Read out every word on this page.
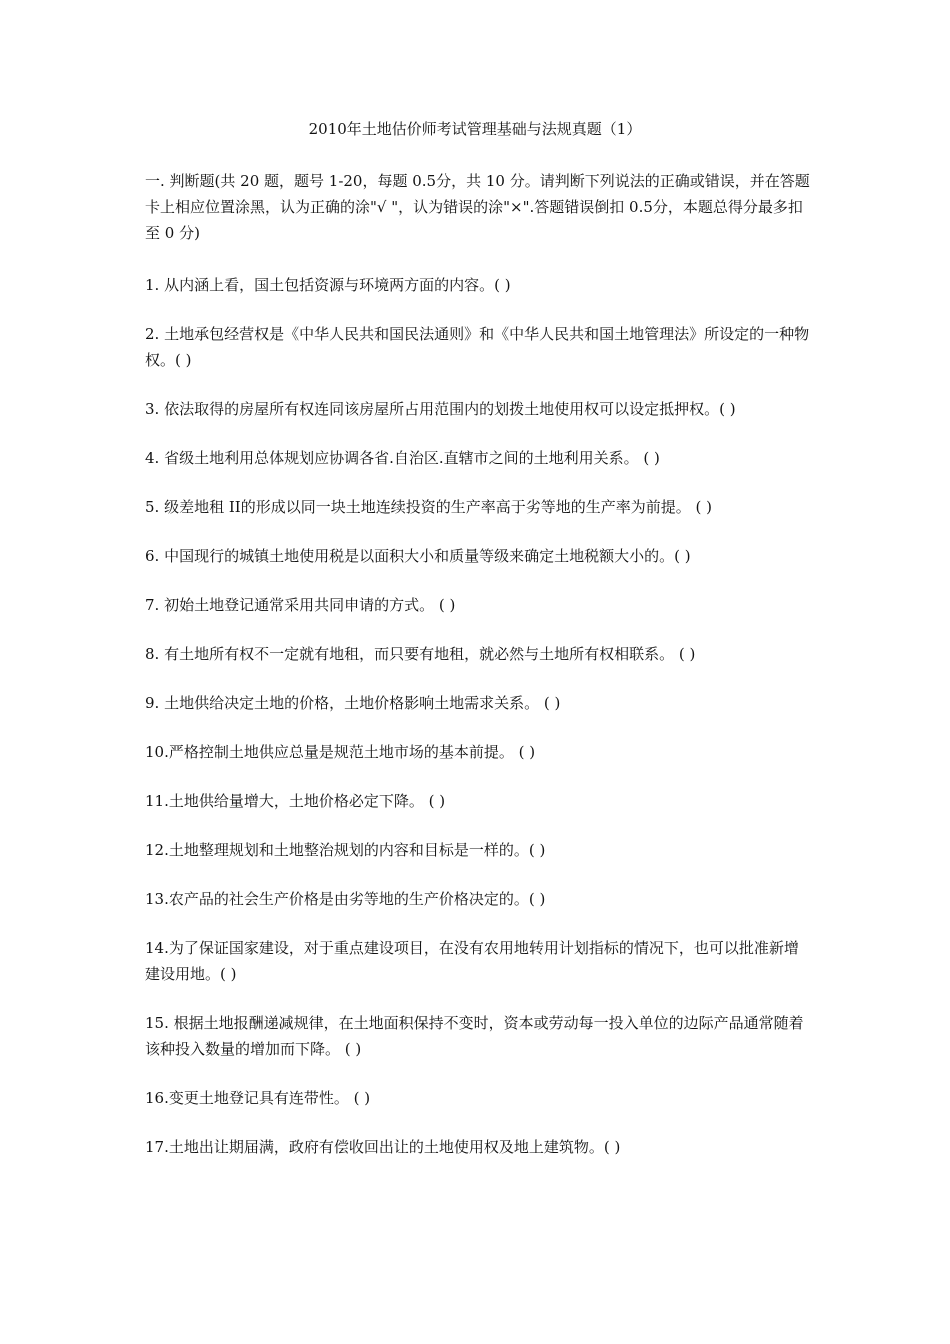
2010年土地估价师考试管理基础与法规真题（1）

一. 判断题(共 20 题，题号 1-20，每题 0.5分，共 10 分。请判断下列说法的正确或错误，并在答题卡上相应位置涂黑，认为正确的涂"√ "，认为错误的涂"×".答题错误倒扣 0.5分，本题总得分最多扣至 0 分)

1. 从内涵上看，国土包括资源与环境两方面的内容。( )

2. 土地承包经营权是《中华人民共和国民法通则》和《中华人民共和国土地管理法》所设定的一种物权。( )

3. 依法取得的房屋所有权连同该房屋所占用范围内的划拨土地使用权可以设定抵押权。( )

4. 省级土地利用总体规划应协调各省.自治区.直辖市之间的土地利用关系。 ( )

5. 级差地租 II的形成以同一块土地连续投资的生产率高于劣等地的生产率为前提。 ( )

6. 中国现行的城镇土地使用税是以面积大小和质量等级来确定土地税额大小的。( )

7. 初始土地登记通常采用共同申请的方式。 ( )

8. 有土地所有权不一定就有地租，而只要有地租，就必然与土地所有权相联系。 ( )

9. 土地供给决定土地的价格，土地价格影响土地需求关系。 ( )

10.严格控制土地供应总量是规范土地市场的基本前提。 ( )

11.土地供给量增大，土地价格必定下降。 ( )

12.土地整理规划和土地整治规划的内容和目标是一样的。( )

13.农产品的社会生产价格是由劣等地的生产价格决定的。( )

14.为了保证国家建设，对于重点建设项目，在没有农用地转用计划指标的情况下，也可以批准新增建设用地。( )

15. 根据土地报酬递减规律，在土地面积保持不变时，资本或劳动每一投入单位的边际产品通常随着该种投入数量的增加而下降。 ( )

16.变更土地登记具有连带性。 ( )

17.土地出让期届满，政府有偿收回出让的土地使用权及地上建筑物。( )
